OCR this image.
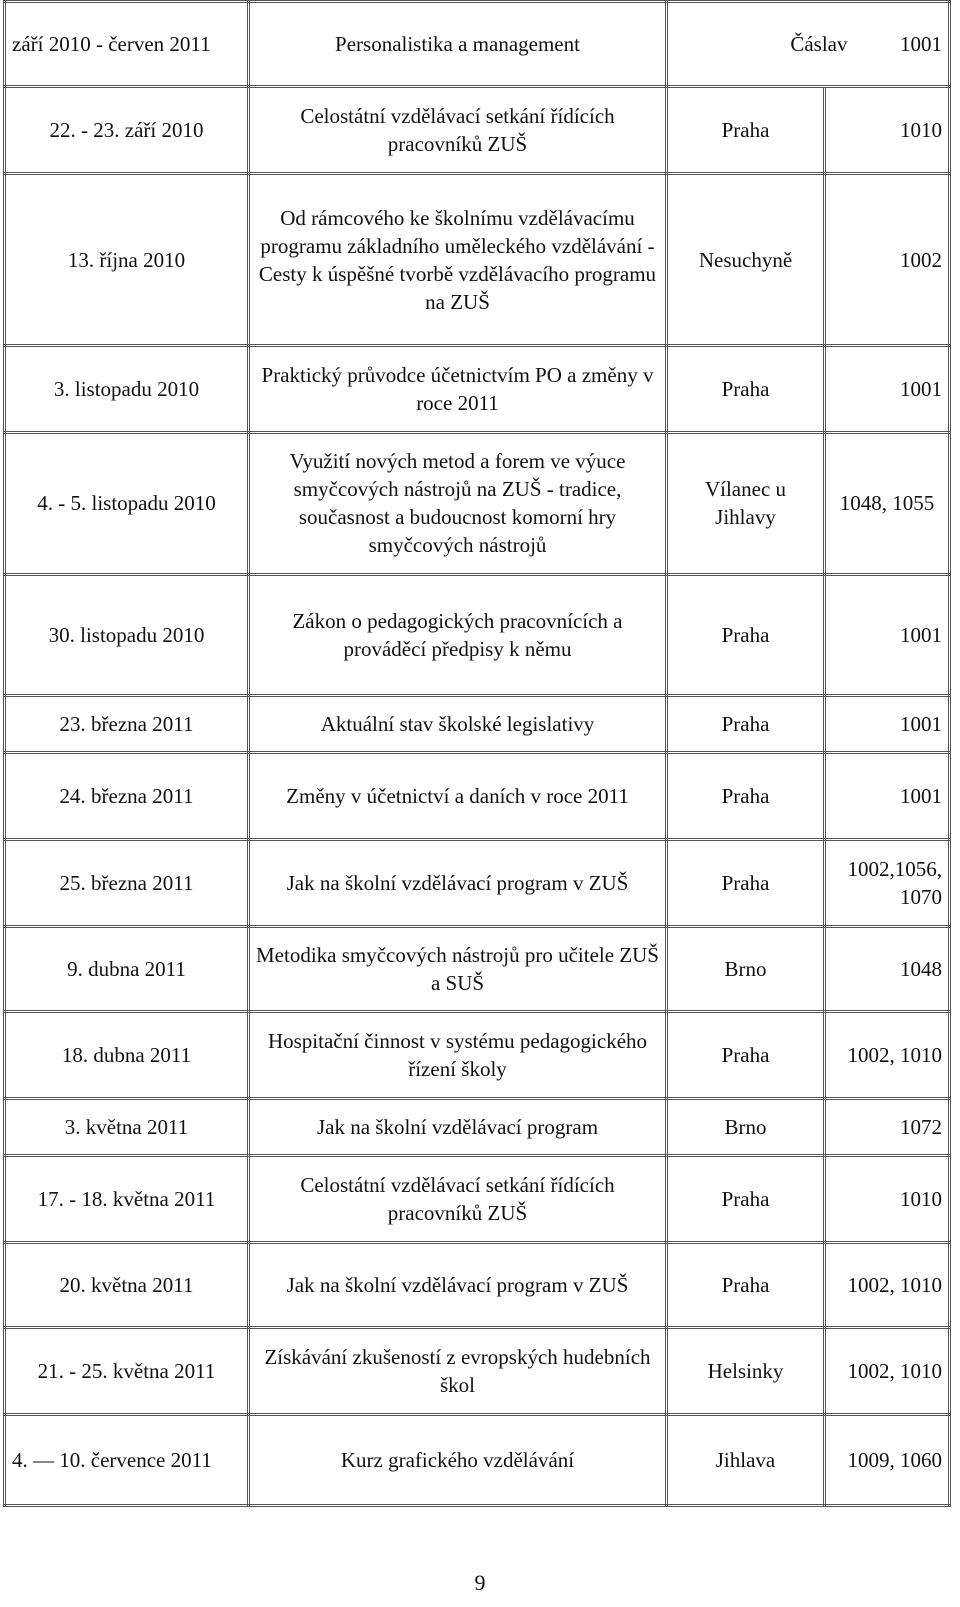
září 2010 - červen 2011	Personalistika a management	Čáslav 1001	
22. - 23. září 2010	Celostátní vzdělávací setkání řídících pracovníků ZUŠ	Praha	1010
13. října 2010	Od rámcového ke školnímu vzdělávacímu programu základního uměleckého vzdělávání - Cesty k úspěšné tvorbě vzdělávacího programu na ZUŠ	Nesuchyně	1002
3. listopadu 2010	Praktický průvodce účetnictvím PO a změny v roce 2011	Praha	1001
4. - 5. listopadu 2010	Využití nových metod a forem ve výuce smyčcových nástrojů na ZUŠ - tradice, současnost a budoucnost komorní hry smyčcových nástrojů	Vílanec u Jihlavy	1048, 1055
30. listopadu 2010	Zákon o pedagogických pracovnících a prováděcí předpisy k němu	Praha	1001
23. března 2011	Aktuální stav školské legislativy	Praha	1001
24. března 2011	Změny v účetnictví a daních v roce 2011	Praha	1001
25. března 2011	Jak na školní vzdělávací program v ZUŠ	Praha	1002,1056, 1070
9. dubna 2011	Metodika smyčcových nástrojů pro učitele ZUŠ a SUŠ	Brno	1048
18. dubna 2011	Hospitační činnost v systému pedagogického řízení školy	Praha	1002, 1010
3. května 2011	Jak na školní vzdělávací program	Brno	1072
17. - 18. května 2011	Celostátní vzdělávací setkání řídících pracovníků ZUŠ	Praha	1010
20. května 2011	Jak na školní vzdělávací program v ZUŠ	Praha	1002, 1010
21. - 25. května 2011	Získávání zkušeností z evropských hudebních škol	Helsinky	1002, 1010
4. — 10. července 2011	Kurz grafického vzdělávání	Jihlava	1009, 1060
9
